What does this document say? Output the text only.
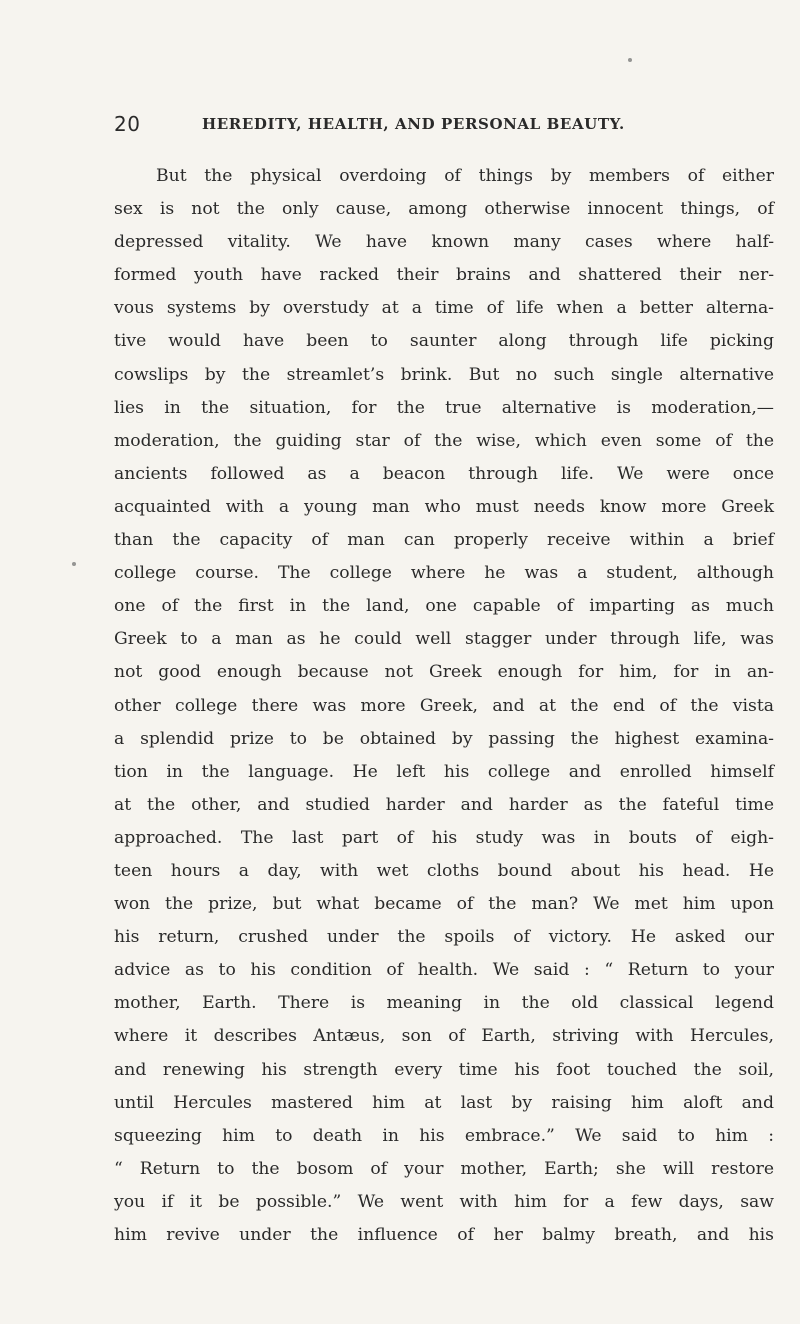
20	HEREDITY, HEALTH, AND PERSONAL BEAUTY.
But the physical overdoing of things by members of either
sex is not the only cause, among otherwise innocent things, of
depressed vitality. We have known many cases where half-
formed youth have racked their brains and shattered their ner-
vous systems by overstudy at a time of life when a better alterna-
tive would have been to saunter along through life picking
cowslips by the streamlet’s brink. But no such single alternative
lies in the situation, for the true alternative is moderation,—
moderation, the guiding star of the wise, which even some of the
ancients followed as a beacon through life. We were once
acquainted with a young man who must needs know more Greek
than the capacity of man can properly receive within a brief
college course. The college where he was a student, although
one of the first in the land, one capable of imparting as much
Greek to a man as he could well stagger under through life, was
not good enough because not Greek enough for him, for in an-
other college there was more Greek, and at the end of the vista
a splendid prize to be obtained by passing the highest examina-
tion in the language. He left his college and enrolled himself
at the other, and studied harder and harder as the fateful time
approached. The last part of his study was in bouts of eigh-
teen hours a day, with wet cloths bound about his head. He
won the prize, but what became of the man? We met him upon
his return, crushed under the spoils of victory. He asked our
advice as to his condition of health. We said : “ Return to your
mother, Earth. There is meaning in the old classical legend
where it describes Antæus, son of Earth, striving with Hercules,
and renewing his strength every time his foot touched the soil,
until Hercules mastered him at last by raising him aloft and
squeezing him to death in his embrace.” We said to him :
“ Return to the bosom of your mother, Earth; she will restore
you if it be possible.” We went with him for a few days, saw
him revive under the influence of her balmy breath, and his
